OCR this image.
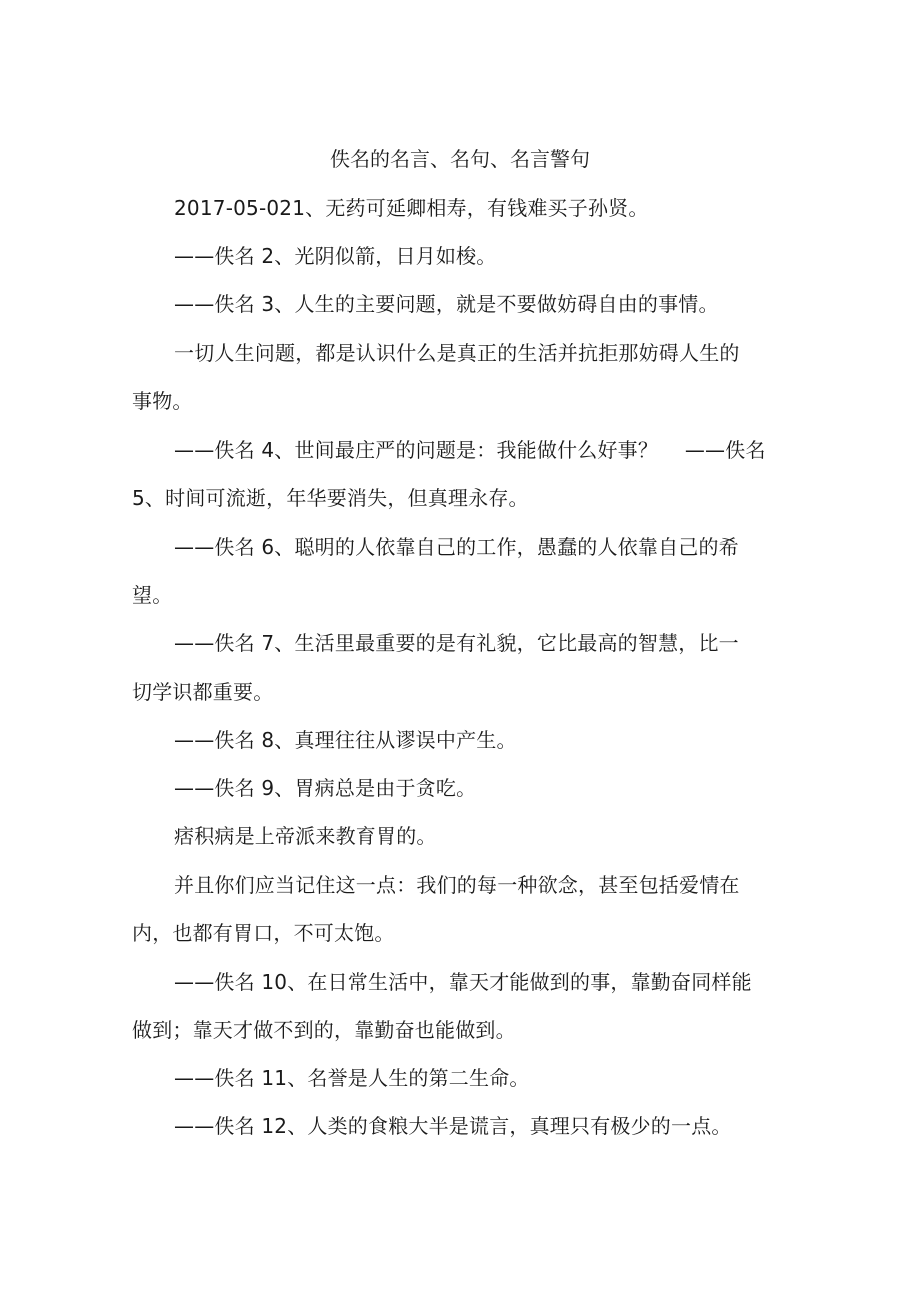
佚名的名言、名句、名言警句
2017-05-021、无药可延卿相寿，有钱难买子孙贤。
——佚名 2、光阴似箭，日月如梭。
——佚名 3、人生的主要问题，就是不要做妨碍自由的事情。
一切人生问题，都是认识什么是真正的生活并抗拒那妨碍人生的
事物。
——佚名 4、世间最庄严的问题是：我能做什么好事？　 ——佚名
5、时间可流逝，年华要消失，但真理永存。
——佚名 6、聪明的人依靠自己的工作，愚蠢的人依靠自己的希
望。
——佚名 7、生活里最重要的是有礼貌，它比最高的智慧，比一
切学识都重要。
——佚名 8、真理往往从谬误中产生。
——佚名 9、胃病总是由于贪吃。
痞积病是上帝派来教育胃的。
并且你们应当记住这一点：我们的每一种欲念，甚至包括爱情在
内，也都有胃口，不可太饱。
——佚名 10、在日常生活中，靠天才能做到的事，靠勤奋同样能
做到；靠天才做不到的，靠勤奋也能做到。
——佚名 11、名誉是人生的第二生命。
——佚名 12、人类的食粮大半是谎言，真理只有极少的一点。
